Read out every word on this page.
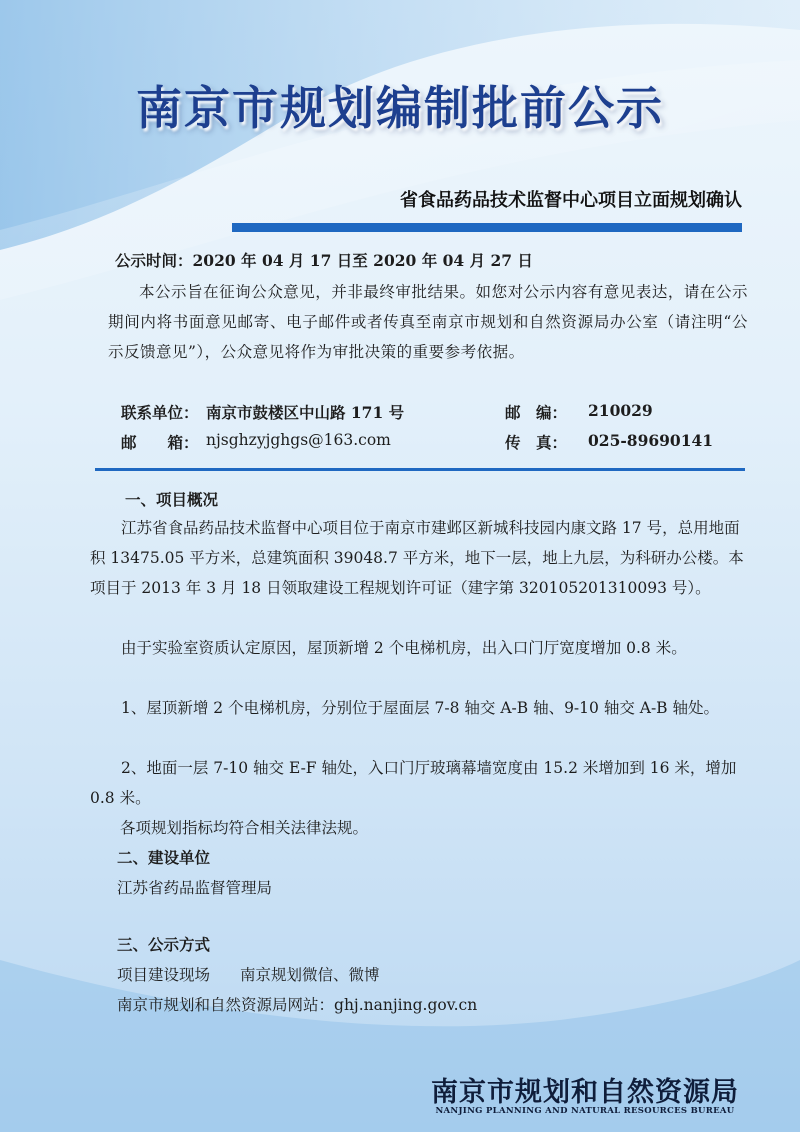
南京市规划编制批前公示
省食品药品技术监督中心项目立面规划确认
公示时间：2020 年 04 月 17 日至 2020 年 04 月 27 日
本公示旨在征询公众意见，并非最终审批结果。如您对公示内容有意见表达，请在公示期间内将书面意见邮寄、电子邮件或者传真至南京市规划和自然资源局办公室（请注明“公示反馈意见”），公众意见将作为审批决策的重要参考依据。
联系单位： 南京市鼓楼区中山路 171 号	邮　编： 210029
邮　　箱： njsghzyjghgs@163.com	传　真： 025-89690141
一、项目概况
江苏省食品药品技术监督中心项目位于南京市建邺区新城科技园内康文路 17 号，总用地面积 13475.05 平方米，总建筑面积 39048.7 平方米，地下一层，地上九层，为科研办公楼。本项目于 2013 年 3 月 18 日领取建设工程规划许可证（建字第 320105201310093 号）。
由于实验室资质认定原因，屋顶新增 2 个电梯机房，出入口门厅宽度增加 0.8 米。
1、屋顶新增 2 个电梯机房，分别位于屋面层 7-8 轴交 A-B 轴、9-10 轴交 A-B 轴处。
2、地面一层 7-10 轴交 E-F 轴处，入口门厅玻璃幕墙宽度由 15.2 米增加到 16 米，增加 0.8 米。
各项规划指标均符合相关法律法规。
二、建设单位
江苏省药品监督管理局
三、公示方式
项目建设现场 南京规划微信、微博
南京市规划和自然资源局网站：ghj.nanjing.gov.cn
南京市规划和自然资源局
NANJING PLANNING AND NATURAL RESOURCES BUREAU
